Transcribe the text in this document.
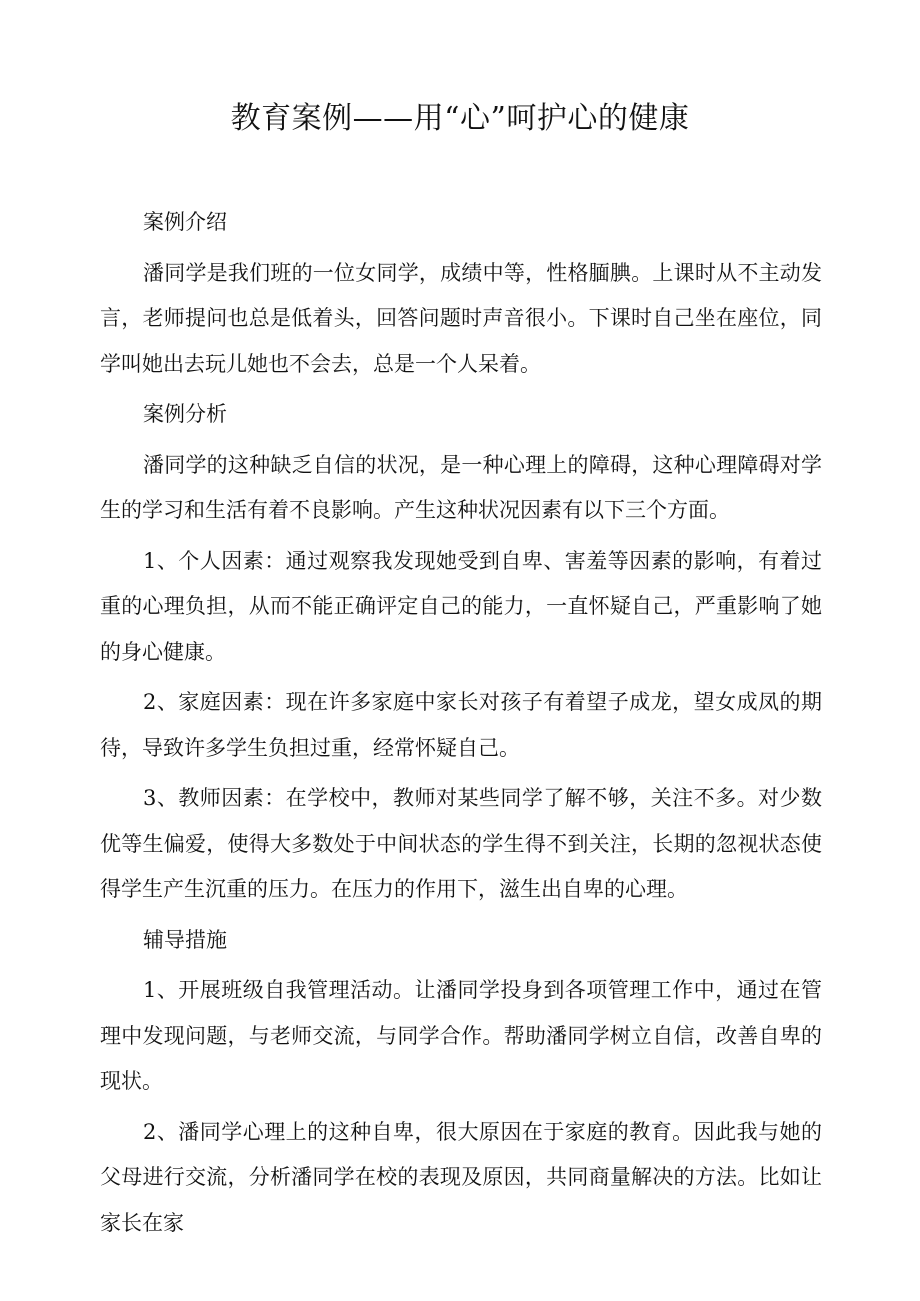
教育案例——用“心”呵护心的健康

案例介绍

潘同学是我们班的一位女同学，成绩中等，性格腼腆。上课时从不主动发言，老师提问也总是低着头，回答问题时声音很小。下课时自己坐在座位，同学叫她出去玩儿她也不会去，总是一个人呆着。

案例分析

潘同学的这种缺乏自信的状况，是一种心理上的障碍，这种心理障碍对学生的学习和生活有着不良影响。产生这种状况因素有以下三个方面。

1、个人因素：通过观察我发现她受到自卑、害羞等因素的影响，有着过重的心理负担，从而不能正确评定自己的能力，一直怀疑自己，严重影响了她的身心健康。

2、家庭因素：现在许多家庭中家长对孩子有着望子成龙，望女成凤的期待，导致许多学生负担过重，经常怀疑自己。

3、教师因素：在学校中，教师对某些同学了解不够，关注不多。对少数优等生偏爱，使得大多数处于中间状态的学生得不到关注，长期的忽视状态使得学生产生沉重的压力。在压力的作用下，滋生出自卑的心理。

辅导措施

1、开展班级自我管理活动。让潘同学投身到各项管理工作中，通过在管理中发现问题，与老师交流，与同学合作。帮助潘同学树立自信，改善自卑的现状。

2、潘同学心理上的这种自卑，很大原因在于家庭的教育。因此我与她的父母进行交流，分析潘同学在校的表现及原因，共同商量解决的方法。比如让家长在家
